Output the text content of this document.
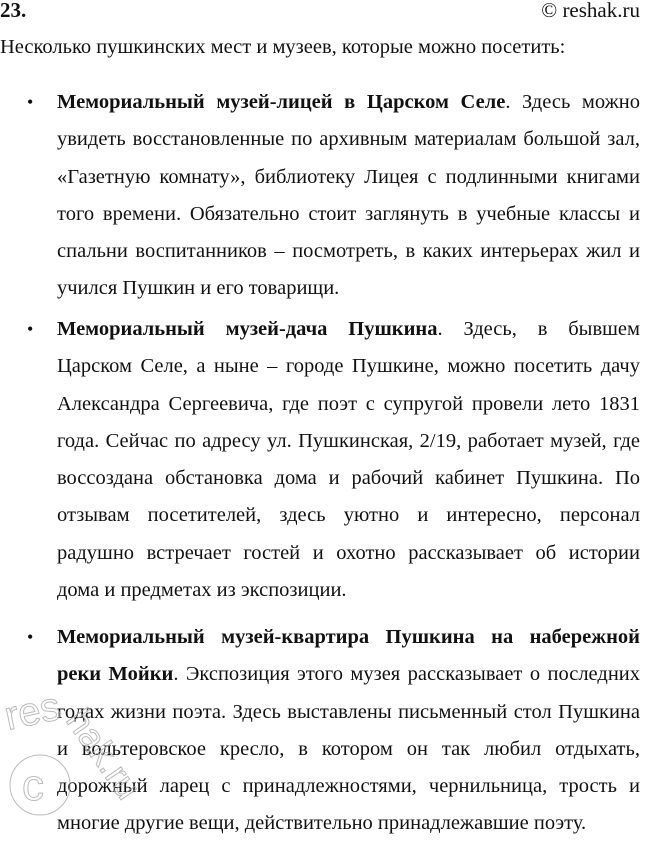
23.	© reshak.ru
Несколько пушкинских мест и музеев, которые можно посетить:
• Мемориальный музей-лицей в Царском Селе. Здесь можно
увидеть восстановленные по архивным материалам большой зал,
«Газетную комнату», библиотеку Лицея с подлинными книгами
того времени. Обязательно стоит заглянуть в учебные классы и
спальни воспитанников – посмотреть, в каких интерьерах жил и
учился Пушкин и его товарищи.
• Мемориальный музей-дача Пушкина. Здесь, в бывшем
Царском Селе, а ныне – городе Пушкине, можно посетить дачу
Александра Сергеевича, где поэт с супругой провели лето 1831
года. Сейчас по адресу ул. Пушкинская, 2/19, работает музей, где
воссоздана обстановка дома и рабочий кабинет Пушкина. По
отзывам посетителей, здесь уютно и интересно, персонал
радушно встречает гостей и охотно рассказывает об истории
дома и предметах из экспозиции.
• Мемориальный музей-квартира Пушкина на набережной
реки Мойки. Экспозиция этого музея рассказывает о последних
годах жизни поэта. Здесь выставлены письменный стол Пушкина
и вольтеровское кресло, в котором он так любил отдыхать,
дорожный ларец с принадлежностями, чернильница, трость и
многие другие вещи, действительно принадлежавшие поэту.
res
hak.ru
c
